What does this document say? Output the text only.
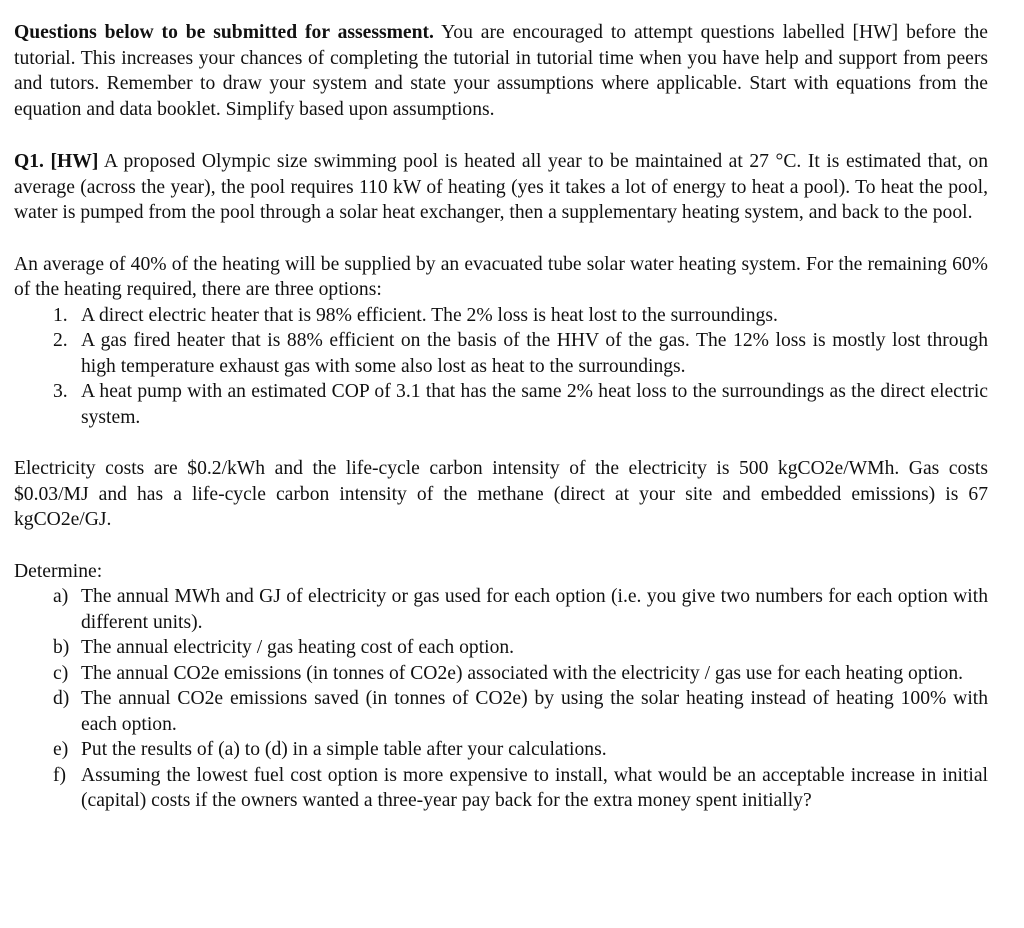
Questions below to be submitted for assessment. You are encouraged to attempt questions labelled [HW] before the tutorial. This increases your chances of completing the tutorial in tutorial time when you have help and support from peers and tutors. Remember to draw your system and state your assumptions where applicable. Start with equations from the equation and data booklet. Simplify based upon assumptions.

Q1. [HW] A proposed Olympic size swimming pool is heated all year to be maintained at 27 °C. It is estimated that, on average (across the year), the pool requires 110 kW of heating (yes it takes a lot of energy to heat a pool). To heat the pool, water is pumped from the pool through a solar heat exchanger, then a supplementary heating system, and back to the pool.

An average of 40% of the heating will be supplied by an evacuated tube solar water heating system. For the remaining 60% of the heating required, there are three options:

1. A direct electric heater that is 98% efficient. The 2% loss is heat lost to the surroundings.
2. A gas fired heater that is 88% efficient on the basis of the HHV of the gas. The 12% loss is mostly lost through high temperature exhaust gas with some also lost as heat to the surroundings.
3. A heat pump with an estimated COP of 3.1 that has the same 2% heat loss to the surroundings as the direct electric system.

Electricity costs are $0.2/kWh and the life-cycle carbon intensity of the electricity is 500 kgCO2e/WMh. Gas costs $0.03/MJ and has a life-cycle carbon intensity of the methane (direct at your site and embedded emissions) is 67 kgCO2e/GJ.

Determine:

a) The annual MWh and GJ of electricity or gas used for each option (i.e. you give two numbers for each option with different units).
b) The annual electricity / gas heating cost of each option.
c) The annual CO2e emissions (in tonnes of CO2e) associated with the electricity / gas use for each heating option.
d) The annual CO2e emissions saved (in tonnes of CO2e) by using the solar heating instead of heating 100% with each option.
e) Put the results of (a) to (d) in a simple table after your calculations.
f) Assuming the lowest fuel cost option is more expensive to install, what would be an acceptable increase in initial (capital) costs if the owners wanted a three-year pay back for the extra money spent initially?
